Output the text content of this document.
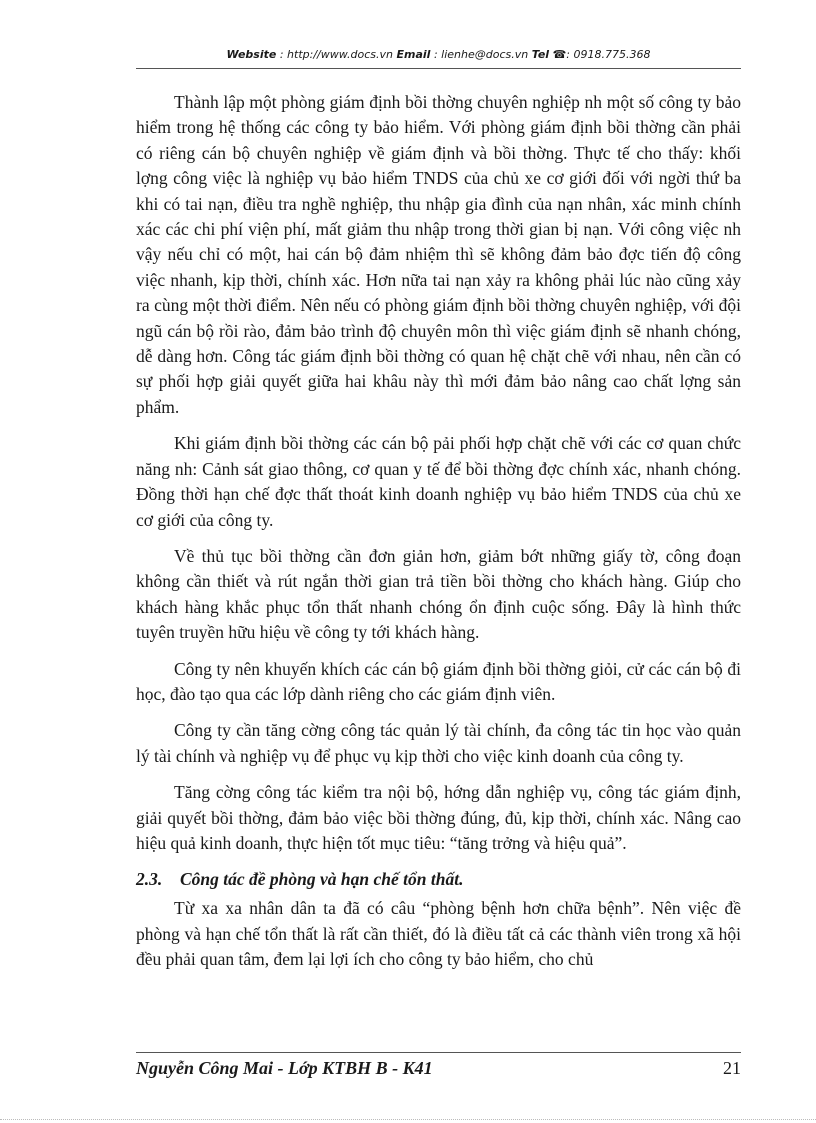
Website : http://www.docs.vn Email : lienhe@docs.vn Tel ☎: 0918.775.368

Thành lập một phòng giám định bồi thờng chuyên nghiệp nh một số công ty bảo hiểm trong hệ thống các công ty bảo hiểm. Với phòng giám định bồi thờng cần phải có riêng cán bộ chuyên nghiệp về giám định và bồi thờng. Thực tế cho thấy: khối lợng công việc là nghiệp vụ bảo hiểm TNDS của chủ xe cơ giới đối với ngời thứ ba khi có tai nạn, điều tra nghề nghiệp, thu nhập gia đình của nạn nhân, xác minh chính xác các chi phí viện phí, mất giảm thu nhập trong thời gian bị nạn. Với công việc nh vậy nếu chỉ có một, hai cán bộ đảm nhiệm thì sẽ không đảm bảo đợc tiến độ công việc nhanh, kịp thời, chính xác. Hơn nữa tai nạn xảy ra không phải lúc nào cũng xảy ra cùng một thời điểm. Nên nếu có phòng giám định bồi thờng chuyên nghiệp, với đội ngũ cán bộ rồi rào, đảm bảo trình độ chuyên môn thì việc giám định sẽ nhanh chóng, dễ dàng hơn. Công tác giám định bồi thờng có quan hệ chặt chẽ với nhau, nên cần có sự phối hợp giải quyết giữa hai khâu này thì mới đảm bảo nâng cao chất lợng sản phẩm.

Khi giám định bồi thờng các cán bộ pải phối hợp chặt chẽ với các cơ quan chức năng nh: Cảnh sát giao thông, cơ quan y tế để bồi thờng đợc chính xác, nhanh chóng. Đồng thời hạn chế đợc thất thoát kinh doanh nghiệp vụ bảo hiểm TNDS của chủ xe cơ giới của công ty.

Về thủ tục bồi thờng cần đơn giản hơn, giảm bớt những giấy tờ, công đoạn không cần thiết và rút ngắn thời gian trả tiền bồi thờng cho khách hàng. Giúp cho khách hàng khắc phục tổn thất nhanh chóng ổn định cuộc sống. Đây là hình thức tuyên truyền hữu hiệu về công ty tới khách hàng.

Công ty nên khuyến khích các cán bộ giám định bồi thờng giỏi, cử các cán bộ đi học, đào tạo qua các lớp dành riêng cho các giám định viên.

Công ty cần tăng cờng công tác quản lý tài chính, đa công tác tin học vào quản lý tài chính và nghiệp vụ để phục vụ kịp thời cho việc kinh doanh của công ty.

Tăng cờng công tác kiểm tra nội bộ, hớng dẫn nghiệp vụ, công tác giám định, giải quyết bồi thờng, đảm bảo việc bồi thờng đúng, đủ, kịp thời, chính xác. Nâng cao hiệu quả kinh doanh, thực hiện tốt mục tiêu: “tăng trởng và hiệu quả”.

2.3. Công tác đề phòng và hạn chế tổn thất.

Từ xa xa nhân dân ta đã có câu “phòng bệnh hơn chữa bệnh”. Nên việc đề phòng và hạn chế tổn thất là rất cần thiết, đó là điều tất cả các thành viên trong xã hội đều phải quan tâm, đem lại lợi ích cho công ty bảo hiểm, cho chủ

Nguyễn Công Mai - Lớp KTBH B - K41	21
